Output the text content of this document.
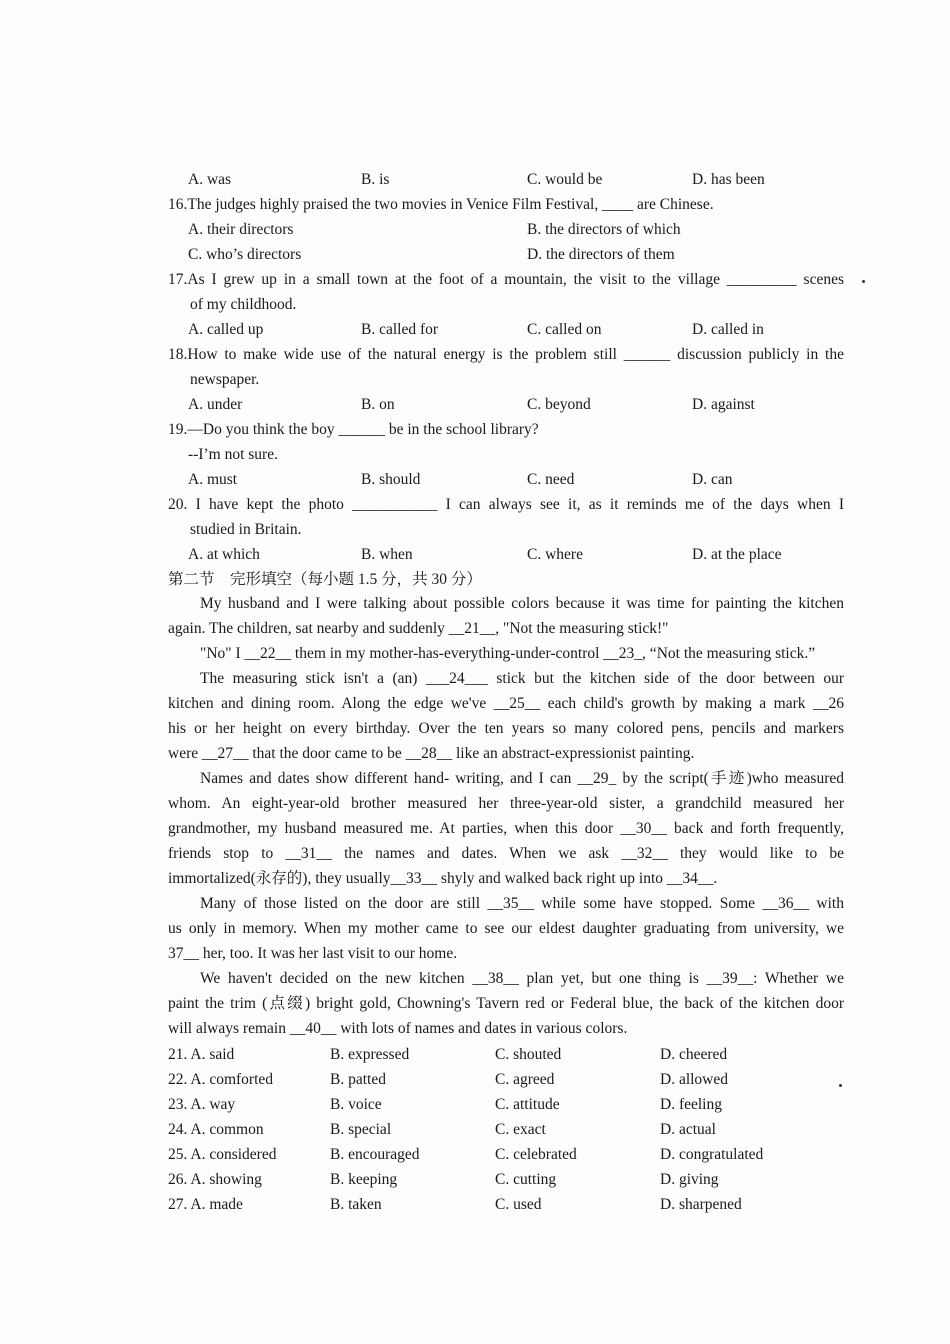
A. was	B. is	C. would be	D. has been
16.The judges highly praised the two movies in Venice Film Festival, ____ are Chinese.
A. their directors	B. the directors of which
C. who’s directors	D. the directors of them
17.As I grew up in a small town at the foot of a mountain, the visit to the village _________ scenes
of my childhood.
A. called up	B. called for	C. called on	D. called in
18.How to make wide use of the natural energy is the problem still ______ discussion publicly in the
newspaper.
A. under	B. on	C. beyond	D. against
19.—Do you think the boy ______ be in the school library?
--I’m not sure.
A. must	B. should	C. need	D. can
20. I have kept the photo ___________ I can always see it, as it reminds me of the days when I
studied in Britain.
A. at which	B. when	C. where	D. at the place
第二节　完形填空（每小题 1.5 分，共 30 分）
My husband and I were talking about possible colors because it was time for painting the kitchen
again. The children, sat nearby and suddenly __21__, "Not the measuring stick!"
"No" I __22__ them in my mother-has-everything-under-control __23_, “Not the measuring stick.”
The measuring stick isn't a (an) ___24___ stick but the kitchen side of the door between our
kitchen and dining room. Along the edge we've __25__ each child's growth by making a mark __26
his or her height on every birthday. Over the ten years so many colored pens, pencils and markers
were __27__ that the door came to be __28__ like an abstract-expressionist painting.
Names and dates show different hand- writing, and I can __29_ by the script(手迹)who measured
whom. An eight-year-old brother measured her three-year-old sister, a grandchild measured her
grandmother, my husband measured me. At parties, when this door __30__ back and forth frequently,
friends stop to __31__ the names and dates. When we ask __32__ they would like to be
immortalized(永存的), they usually__33__ shyly and walked back right up into __34__.
Many of those listed on the door are still __35__ while some have stopped. Some __36__ with
us only in memory. When my mother came to see our eldest daughter graduating from university, we
37__ her, too. It was her last visit to our home.
We haven't decided on the new kitchen __38__ plan yet, but one thing is __39__: Whether we
paint the trim (点缀) bright gold, Chowning's Tavern red or Federal blue, the back of the kitchen door
will always remain __40__ with lots of names and dates in various colors.
21. A. said	B. expressed	C. shouted	D. cheered
22. A. comforted	B. patted	C. agreed	D. allowed
23. A. way	B. voice	C. attitude	D. feeling
24. A. common	B. special	C. exact	D. actual
25. A. considered	B. encouraged	C. celebrated	D. congratulated
26. A. showing	B. keeping	C. cutting	D. giving
27. A. made	B. taken	C. used	D. sharpened
